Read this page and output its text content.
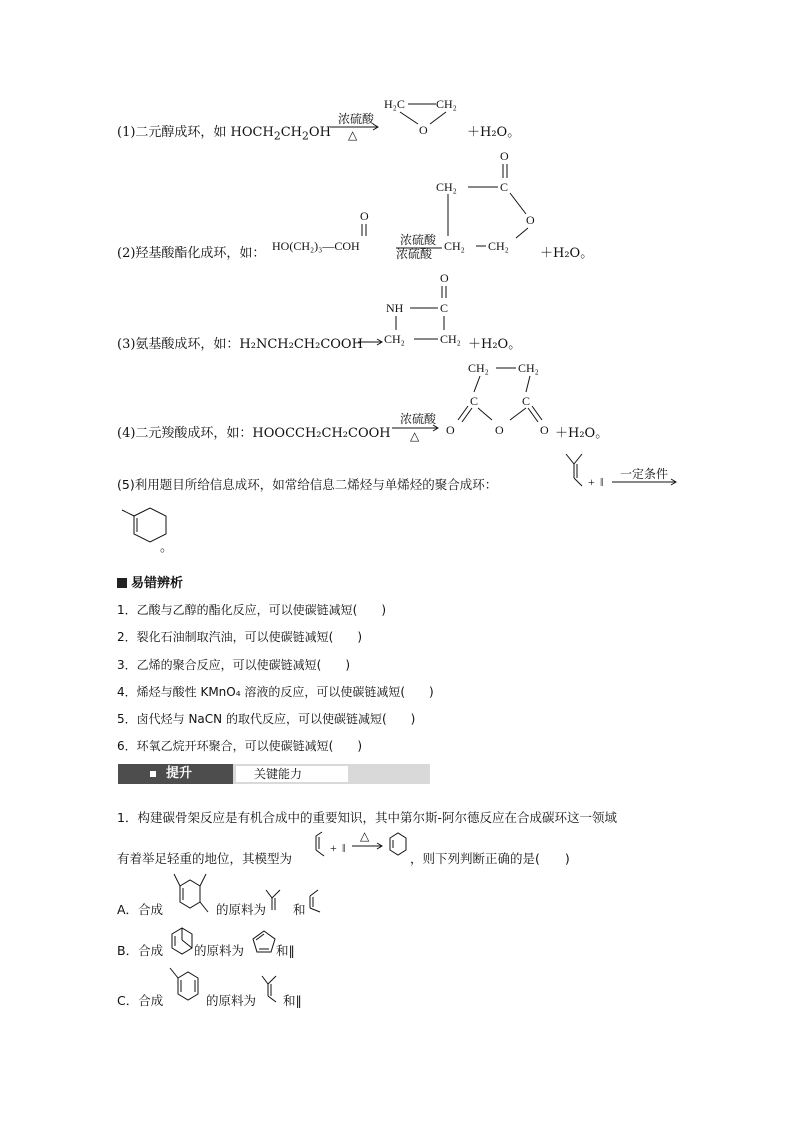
(1)二元醇成环，如 $HOCH_2CH_2OH$
浓硫酸
△
H₂C	CH₂
O	＋H₂O。
(2)羟基酸酯化成环，如：
O
HO(CH₂)₃—COH	浓硫酸
浓硫酸
O
CH₂	C
O
CH₂ CH₂ ＋H₂O。
(3)氨基酸成环，如：H₂NCH₂CH₂COOH
O
NH	C
CH₂	CH₂ ＋H₂O。
(4)二元羧酸成环，如：HOOCCH₂CH₂COOH
浓硫酸
△
CH₂ CH₂
C	C
O	O	O ＋H₂O。
(5)利用题目所给信息成环，如常给信息二烯烃与单烯烃的聚合成环：	+ ‖
一定条件
。
易错辨析
1．乙酸与乙醇的酯化反应，可以使碳链减短(　　)
2．裂化石油制取汽油，可以使碳链减短(　　)
3．乙烯的聚合反应，可以使碳链减短(　　)
4．烯烃与酸性 KMnO₄ 溶液的反应，可以使碳链减短(　　)
5．卤代烃与 NaCN 的取代反应，可以使碳链减短(　　)
6．环氧乙烷开环聚合，可以使碳链减短(　　)
提升	关键能力
1．构建碳骨架反应是有机合成中的重要知识，其中第尔斯-阿尔德反应在合成碳环这一领域
有着举足轻重的地位，其模型为
+ ‖
△
，则下列判断正确的是(　　)
A．合成	的原料为 和
B．合成 的原料为	和‖
C．合成	的原料为 和‖
